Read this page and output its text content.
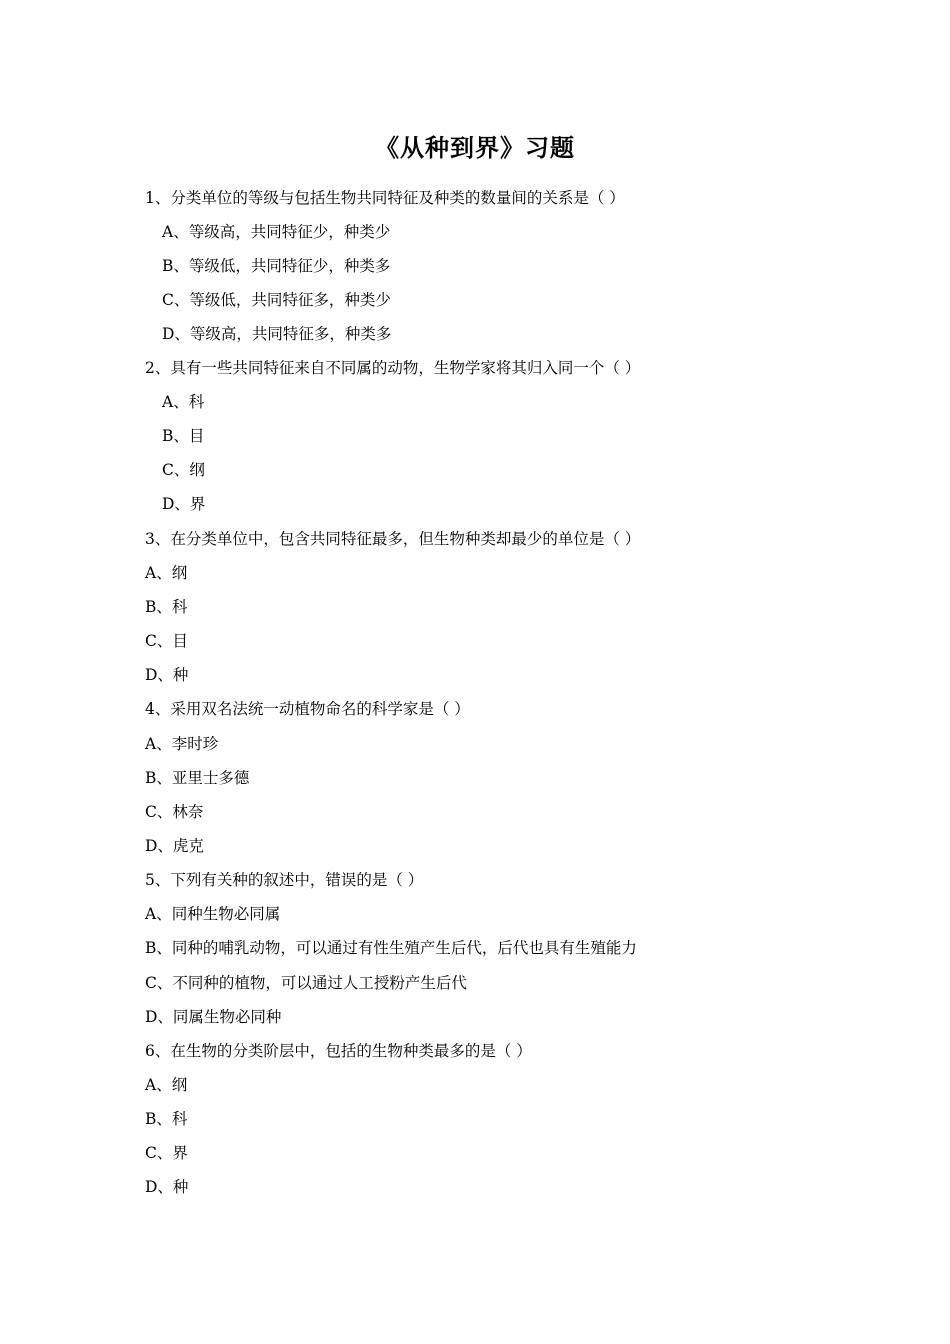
《从种到界》习题
1、分类单位的等级与包括生物共同特征及种类的数量间的关系是（ ）
A、等级高，共同特征少，种类少
B、等级低，共同特征少，种类多
C、等级低，共同特征多，种类少
D、等级高，共同特征多，种类多
2、具有一些共同特征来自不同属的动物，生物学家将其归入同一个（ ）
A、科
B、目
C、纲
D、界
3、在分类单位中，包含共同特征最多，但生物种类却最少的单位是（ ）
A、纲
B、科
C、目
D、种
4、采用双名法统一动植物命名的科学家是（ ）
A、李时珍
B、亚里士多德
C、林奈
D、虎克
5、下列有关种的叙述中，错误的是（ ）
A、同种生物必同属
B、同种的哺乳动物，可以通过有性生殖产生后代，后代也具有生殖能力
C、不同种的植物，可以通过人工授粉产生后代
D、同属生物必同种
6、在生物的分类阶层中，包括的生物种类最多的是（ ）
A、纲
B、科
C、界
D、种
